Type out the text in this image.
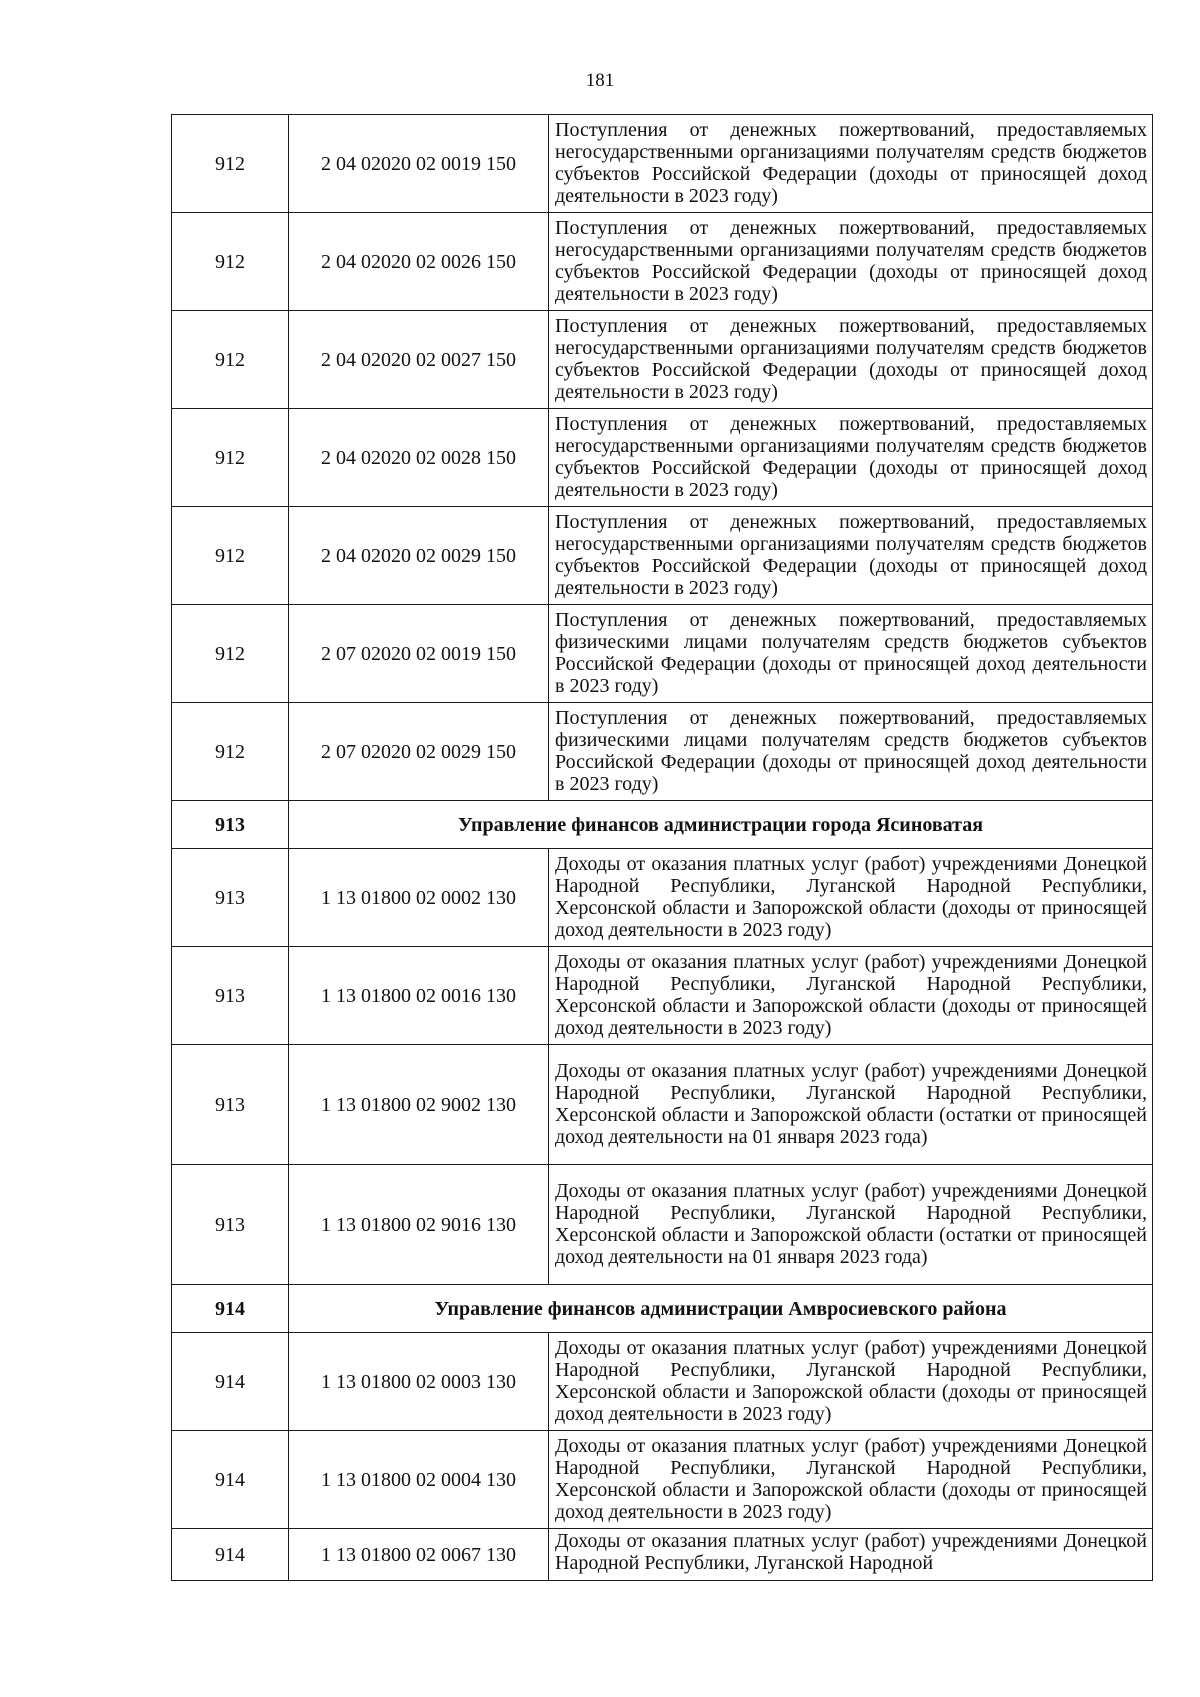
181
912	2 04 02020 02 0019 150	Поступления от денежных пожертвований, предоставляемых негосударственными организациями получателям средств бюджетов субъектов Российской Федерации (доходы от приносящей доход деятельности в 2023 году)
912	2 04 02020 02 0026 150	Поступления от денежных пожертвований, предоставляемых негосударственными организациями получателям средств бюджетов субъектов Российской Федерации (доходы от приносящей доход деятельности в 2023 году)
912	2 04 02020 02 0027 150	Поступления от денежных пожертвований, предоставляемых негосударственными организациями получателям средств бюджетов субъектов Российской Федерации (доходы от приносящей доход деятельности в 2023 году)
912	2 04 02020 02 0028 150	Поступления от денежных пожертвований, предоставляемых негосударственными организациями получателям средств бюджетов субъектов Российской Федерации (доходы от приносящей доход деятельности в 2023 году)
912	2 04 02020 02 0029 150	Поступления от денежных пожертвований, предоставляемых негосударственными организациями получателям средств бюджетов субъектов Российской Федерации (доходы от приносящей доход деятельности в 2023 году)
912	2 07 02020 02 0019 150	Поступления от денежных пожертвований, предоставляемых физическими лицами получателям средств бюджетов субъектов Российской Федерации (доходы от приносящей доход деятельности в 2023 году)
912	2 07 02020 02 0029 150	Поступления от денежных пожертвований, предоставляемых физическими лицами получателям средств бюджетов субъектов Российской Федерации (доходы от приносящей доход деятельности в 2023 году)
913	Управление финансов администрации города Ясиноватая	
913	1 13 01800 02 0002 130	Доходы от оказания платных услуг (работ) учреждениями Донецкой Народной Республики, Луганской Народной Республики, Херсонской области и Запорожской области (доходы от приносящей доход деятельности в 2023 году)
913	1 13 01800 02 0016 130	Доходы от оказания платных услуг (работ) учреждениями Донецкой Народной Республики, Луганской Народной Республики, Херсонской области и Запорожской области (доходы от приносящей доход деятельности в 2023 году)
913	1 13 01800 02 9002 130	Доходы от оказания платных услуг (работ) учреждениями Донецкой Народной Республики, Луганской Народной Республики, Херсонской области и Запорожской области (остатки от приносящей доход деятельности на 01 января 2023 года)
913	1 13 01800 02 9016 130	Доходы от оказания платных услуг (работ) учреждениями Донецкой Народной Республики, Луганской Народной Республики, Херсонской области и Запорожской области (остатки от приносящей доход деятельности на 01 января 2023 года)
914	Управление финансов администрации Амвросиевского района	
914	1 13 01800 02 0003 130	Доходы от оказания платных услуг (работ) учреждениями Донецкой Народной Республики, Луганской Народной Республики, Херсонской области и Запорожской области (доходы от приносящей доход деятельности в 2023 году)
914	1 13 01800 02 0004 130	Доходы от оказания платных услуг (работ) учреждениями Донецкой Народной Республики, Луганской Народной Республики, Херсонской области и Запорожской области (доходы от приносящей доход деятельности в 2023 году)
914	1 13 01800 02 0067 130	Доходы от оказания платных услуг (работ) учреждениями Донецкой Народной Республики, Луганской Народной
